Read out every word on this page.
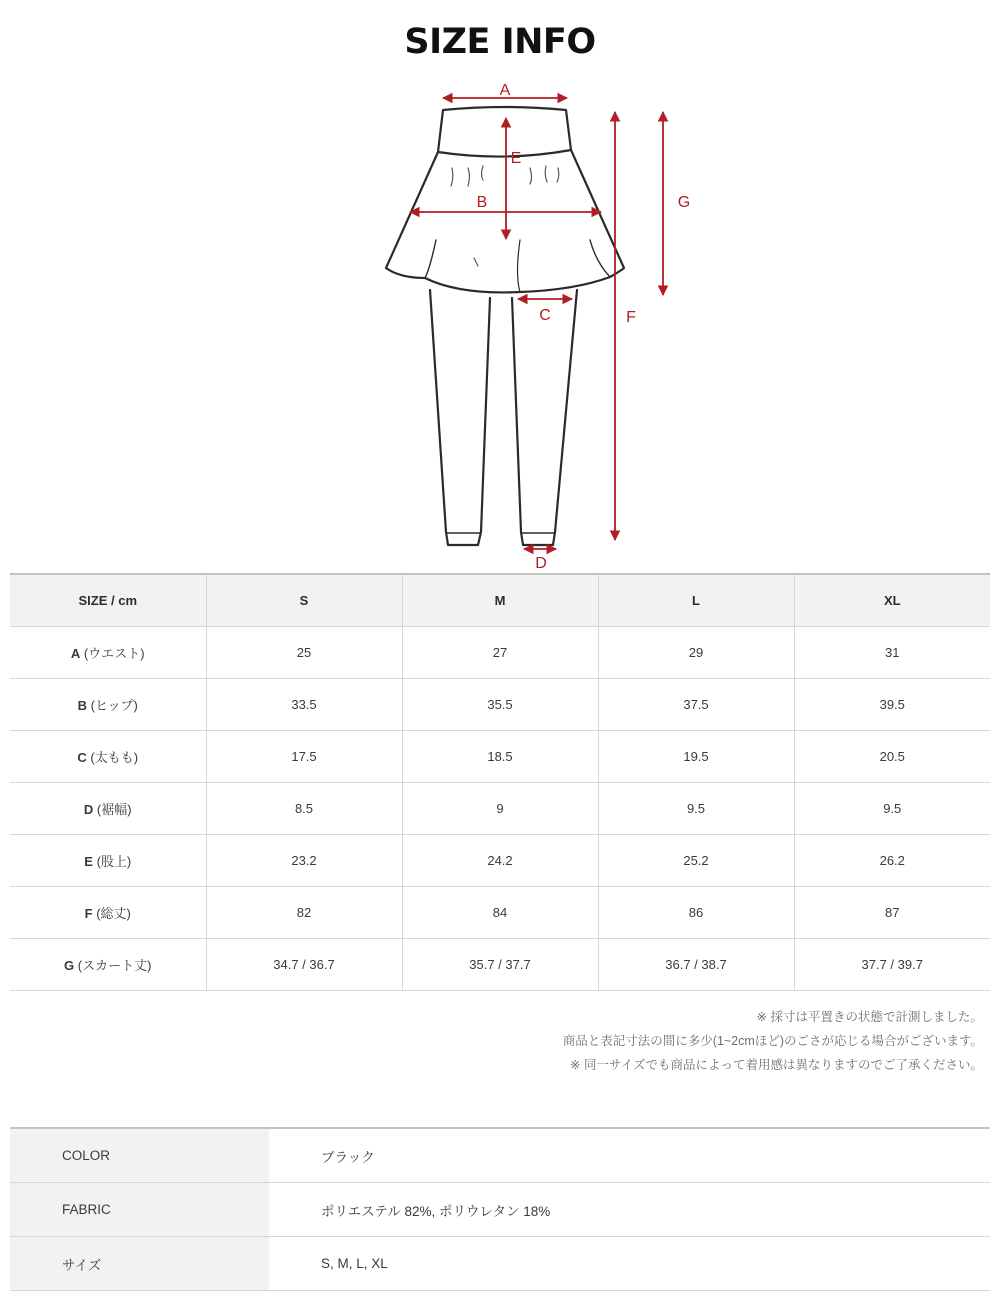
SIZE INFO
A
E
B
C
D
F
G
SIZE / cm	S	M	L	XL
A (ウエスト)	25	27	29	31
B (ヒップ)	33.5	35.5	37.5	39.5
C (太もも)	17.5	18.5	19.5	20.5
D (裾幅)	8.5	9	9.5	9.5
E (股上)	23.2	24.2	25.2	26.2
F (総丈)	82	84	86	87
G (スカート丈)	34.7 / 36.7	35.7 / 37.7	36.7 / 38.7	37.7 / 39.7
※ 採寸は平置きの状態で計測しました。
商品と表記寸法の間に多少(1~2cmほど)のごさが応じる場合がございます。
※ 同一サイズでも商品によって着用感は異なりますのでご了承ください。
COLOR	ブラック
FABRIC	ポリエステル 82%, ポリウレタン 18%
サイズ	S, M, L, XL
